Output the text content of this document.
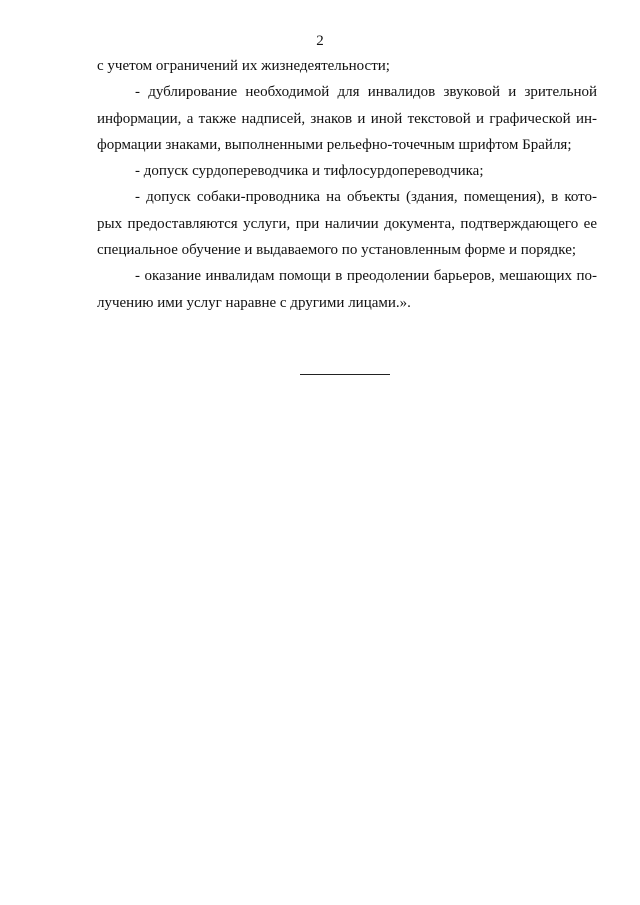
2
с учетом ограничений их жизнедеятельности;
- дублирование необходимой для инвалидов звуковой и зрительной
информации, а также надписей, знаков и иной текстовой и графической ин-
формации знаками, выполненными рельефно-точечным шрифтом Брайля;
- допуск сурдопереводчика и тифлосурдопереводчика;
- допуск собаки-проводника на объекты (здания, помещения), в кото-
рых предоставляются услуги, при наличии документа, подтверждающего ее
специальное обучение и выдаваемого по установленным форме и порядке;
- оказание инвалидам помощи в преодолении барьеров, мешающих по-
лучению ими услуг наравне с другими лицами.».
